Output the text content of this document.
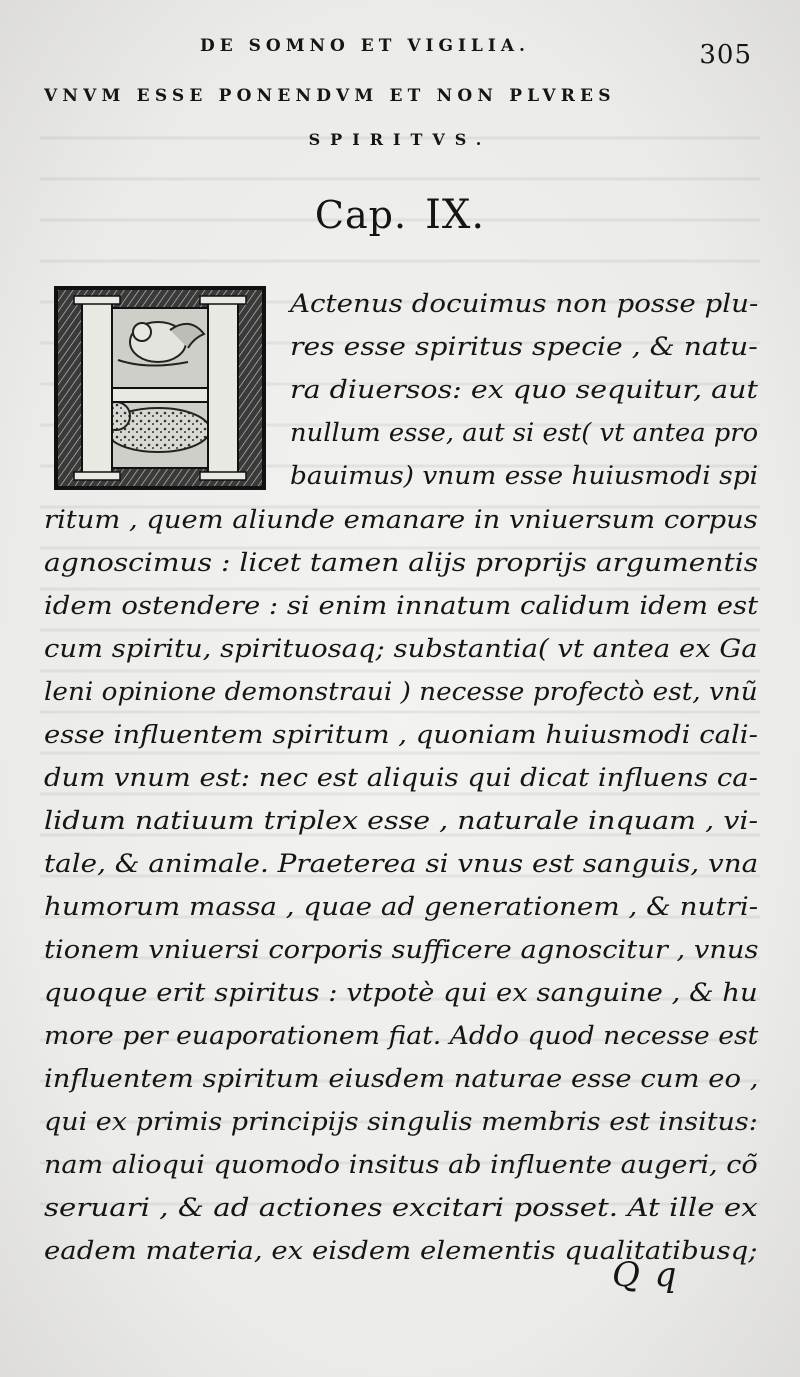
DE SOMNO ET VIGILIA.	305
VNVM ESSE PONENDVM ET NON PLVRES
SPIRITVS.
Cap. IX.
Actenus docuimus non posse plu-
res esse spiritus specie , & natu-
ra diuersos: ex quo sequitur, aut
nullum esse, aut si est( vt antea pro
bauimus) vnum esse huiusmodi spi
ritum , quem aliunde emanare in vniuersum corpus
agnoscimus : licet tamen alijs proprijs argumentis
idem ostendere : si enim innatum calidum idem est
cum spiritu, spirituosaq; substantia( vt antea ex Ga
leni opinione demonstraui ) necesse profectò est, vnũ
esse influentem spiritum , quoniam huiusmodi cali-
dum vnum est: nec est aliquis qui dicat influens ca-
lidum natiuum triplex esse , naturale inquam , vi-
tale, & animale. Praeterea si vnus est sanguis, vna
humorum massa , quae ad generationem , & nutri-
tionem vniuersi corporis sufficere agnoscitur , vnus
quoque erit spiritus : vtpotè qui ex sanguine , & hu
more per euaporationem fiat. Addo quod necesse est
influentem spiritum eiusdem naturae esse cum eo ,
qui ex primis principijs singulis membris est insitus:
nam alioqui quomodo insitus ab influente augeri, cõ
seruari , & ad actiones excitari posset. At ille ex
eadem materia, ex eisdem elementis qualitatibusq;
Q q
